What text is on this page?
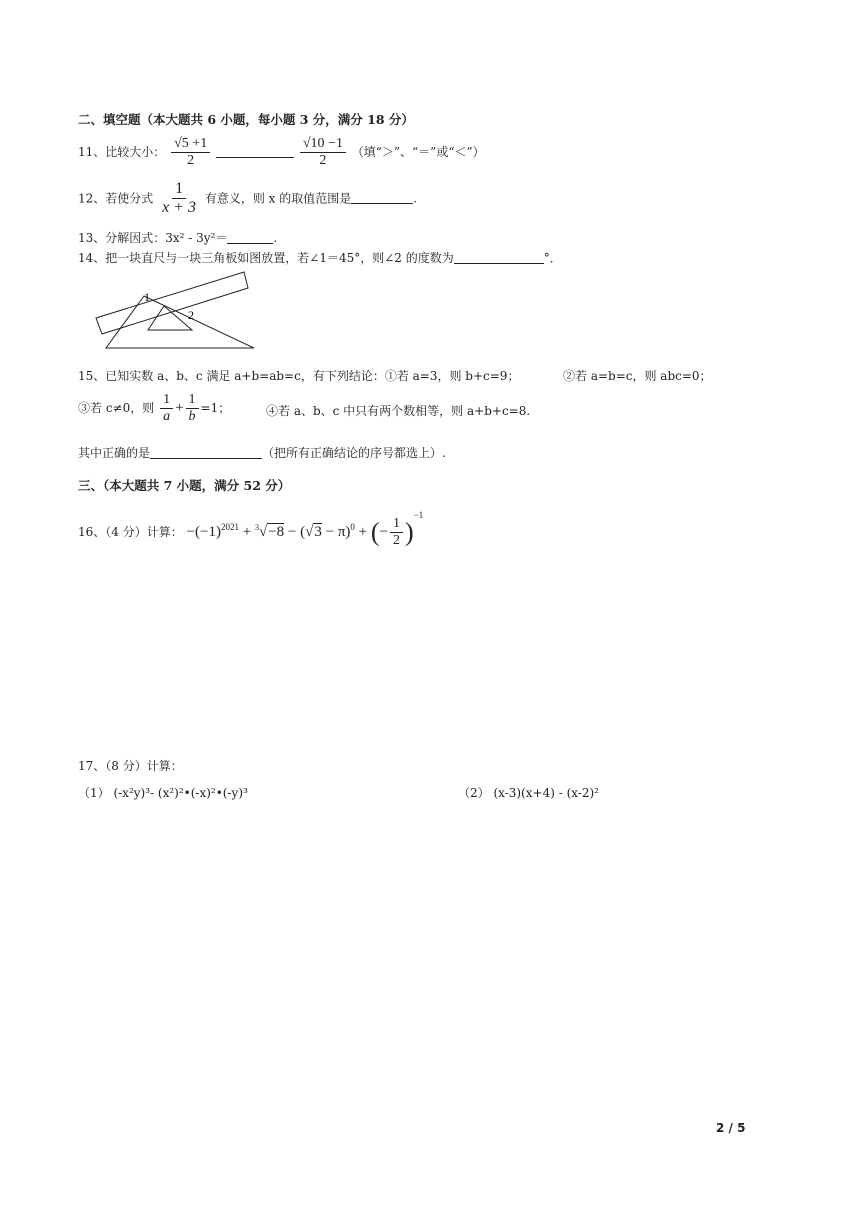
二、填空题（本大题共 6 小题，每小题 3 分，满分 18 分）
11、比较大小： $\frac{√5 +1}{2}$
	$\frac{√10 -1}{2}$ （填“＞”、“＝”或“＜”）
12、若使分式 $\frac{1}{x + 3}$ 有意义，则 x 的取值范围是	.
13、分解因式：3x² - 3y²＝	.
14、把一块直尺与一块三角板如图放置，若∠1＝45°，则∠2 的度数为	°．
1
2
15、已知实数 a、b、c 满足 a+b=ab=c，有下列结论：①若 a=3，则 b+c=9；	②若 a=b=c，则 abc=0；
③若 c≠0，则 $\frac{1}{a} + \frac{1}{b} =1$；	④若 a、b、c 中只有两个数相等，则 a+b+c=8.
其中正确的是	（把所有正确结论的序号都选上）.
三、（本大题共 7 小题，满分 52 分）
16、（4 分）计算： $-(-1)^{2021} + ^3√-8 - (√3 - \pi)^0$ + (− $\frac{1}{2} )^{-1}$
17、（8 分）计算：
（1） (-x²y)³- (x²)²•(-x)²•(-y)³	（2） (x-3)(x+4) - (x-2)²
2 / 5
